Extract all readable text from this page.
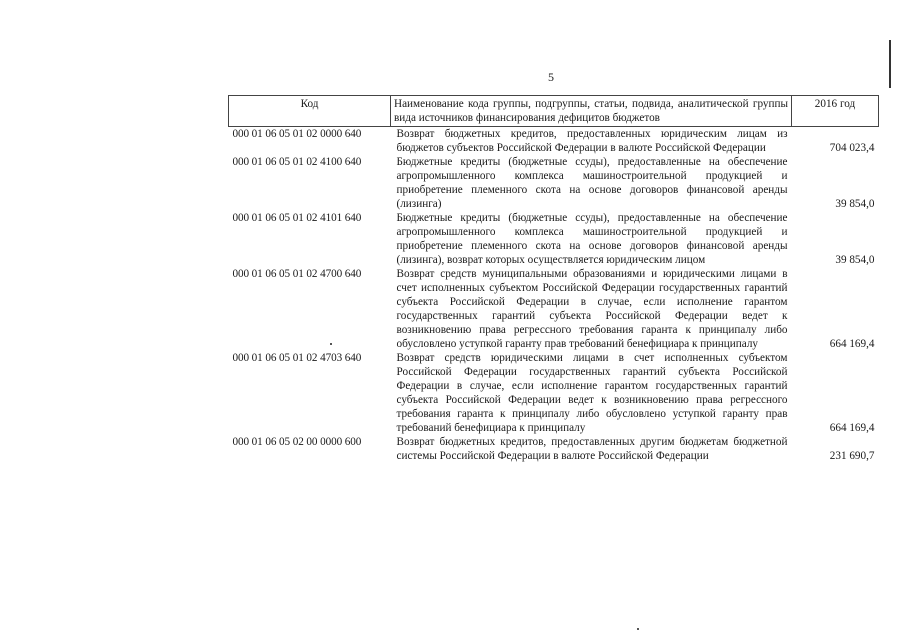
5
Код	Наименование кода группы, подгруппы, статьи, подвида, аналитической группы вида источников финансирования дефицитов бюджетов	2016 год
000 01 06 05 01 02 0000 640	Возврат бюджетных кредитов, предоставленных юридическим лицам из бюджетов субъектов Российской Федерации в валюте Российской Федерации	704 023,4
000 01 06 05 01 02 4100 640	Бюджетные кредиты (бюджетные ссуды), предоставленные на обеспечение агропромышленного комплекса машиностроительной продукцией и приобретение племенного скота на основе договоров финансовой аренды (лизинга)	39 854,0
000 01 06 05 01 02 4101 640	Бюджетные кредиты (бюджетные ссуды), предоставленные на обеспечение агропромышленного комплекса машиностроительной продукцией и приобретение племенного скота на основе договоров финансовой аренды (лизинга), возврат которых осуществляется юридическим лицом	39 854,0
000 01 06 05 01 02 4700 640	Возврат средств муниципальными образованиями и юридическими лицами в счет исполненных субъектом Российской Федерации государственных гарантий субъекта Российской Федерации в случае, если исполнение гарантом государственных гарантий субъекта Российской Федерации ведет к возникновению права регрессного требования гаранта к принципалу либо обусловлено уступкой гаранту прав требований бенефициара к принципалу	664 169,4
000 01 06 05 01 02 4703 640	Возврат средств юридическими лицами в счет исполненных субъектом Российской Федерации государственных гарантий субъекта Российской Федерации в случае, если исполнение гарантом государственных гарантий субъекта Российской Федерации ведет к возникновению права регрессного требования гаранта к принципалу либо обусловлено уступкой гаранту прав требований бенефициара к принципалу	664 169,4
000 01 06 05 02 00 0000 600	Возврат бюджетных кредитов, предоставленных другим бюджетам бюджетной системы Российской Федерации в валюте Российской Федерации	231 690,7
